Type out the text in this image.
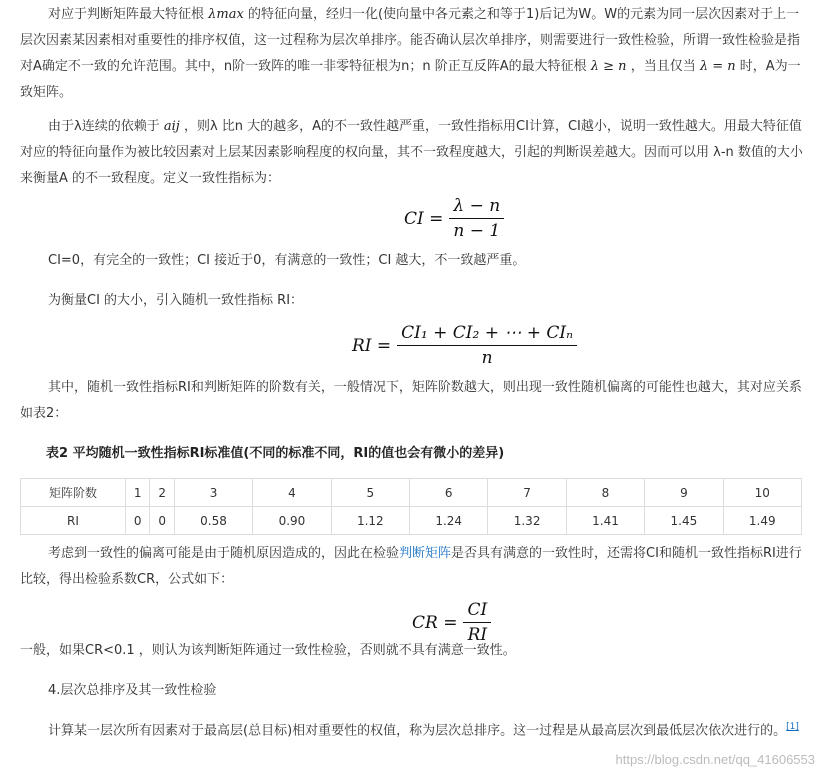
对应于判断矩阵最大特征根 λmax 的特征向量，经归一化(使向量中各元素之和等于1)后记为W。W的元素为同一层次因素对于上一层次因素某因素相对重要性的排序权值，这一过程称为层次单排序。能否确认层次单排序，则需要进行一致性检验，所谓一致性检验是指对A确定不一致的允许范围。其中，n阶一致阵的唯一非零特征根为n；n 阶正互反阵A的最大特征根 λ ≥ n ，当且仅当 λ = n 时，A为一致矩阵。

由于λ连续的依赖于 aij ，则λ 比n 大的越多，A的不一致性越严重，一致性指标用CI计算，CI越小，说明一致性越大。用最大特征值对应的特征向量作为被比较因素对上层某因素影响程度的权向量，其不一致程度越大，引起的判断误差越大。因而可以用 λ-n 数值的大小来衡量A 的不一致程度。定义一致性指标为：

CI = $\frac{\lambda - n}{n - 1}$

CI=0，有完全的一致性；CI 接近于0，有满意的一致性；CI 越大，不一致越严重。

为衡量CI 的大小，引入随机一致性指标 RI：

RI = $\frac{\text{CI₁ + CI₂ + ⋯ + CIₙ}}{n}$

其中，随机一致性指标RI和判断矩阵的阶数有关，一般情况下，矩阵阶数越大，则出现一致性随机偏离的可能性也越大，其对应关系如表2：

表2 平均随机一致性指标RI标准值(不同的标准不同，RI的值也会有微小的差异)
矩阵阶数	1	2	3	4	5	6	7	8	9	10
RI	0	0	0.58	0.90	1.12	1.24	1.32	1.41	1.45	1.49

考虑到一致性的偏离可能是由于随机原因造成的，因此在检验判断矩阵是否具有满意的一致性时，还需将CI和随机一致性指标RI进行比较，得出检验系数CR，公式如下：

CR = $\frac{CI}{RI}$

一般，如果CR<0.1 ，则认为该判断矩阵通过一致性检验，否则就不具有满意一致性。

4.层次总排序及其一致性检验

计算某一层次所有因素对于最高层(总目标)相对重要性的权值，称为层次总排序。这一过程是从最高层次到最低层次依次进行的。[1]

https://blog.csdn.net/qq_41606553
